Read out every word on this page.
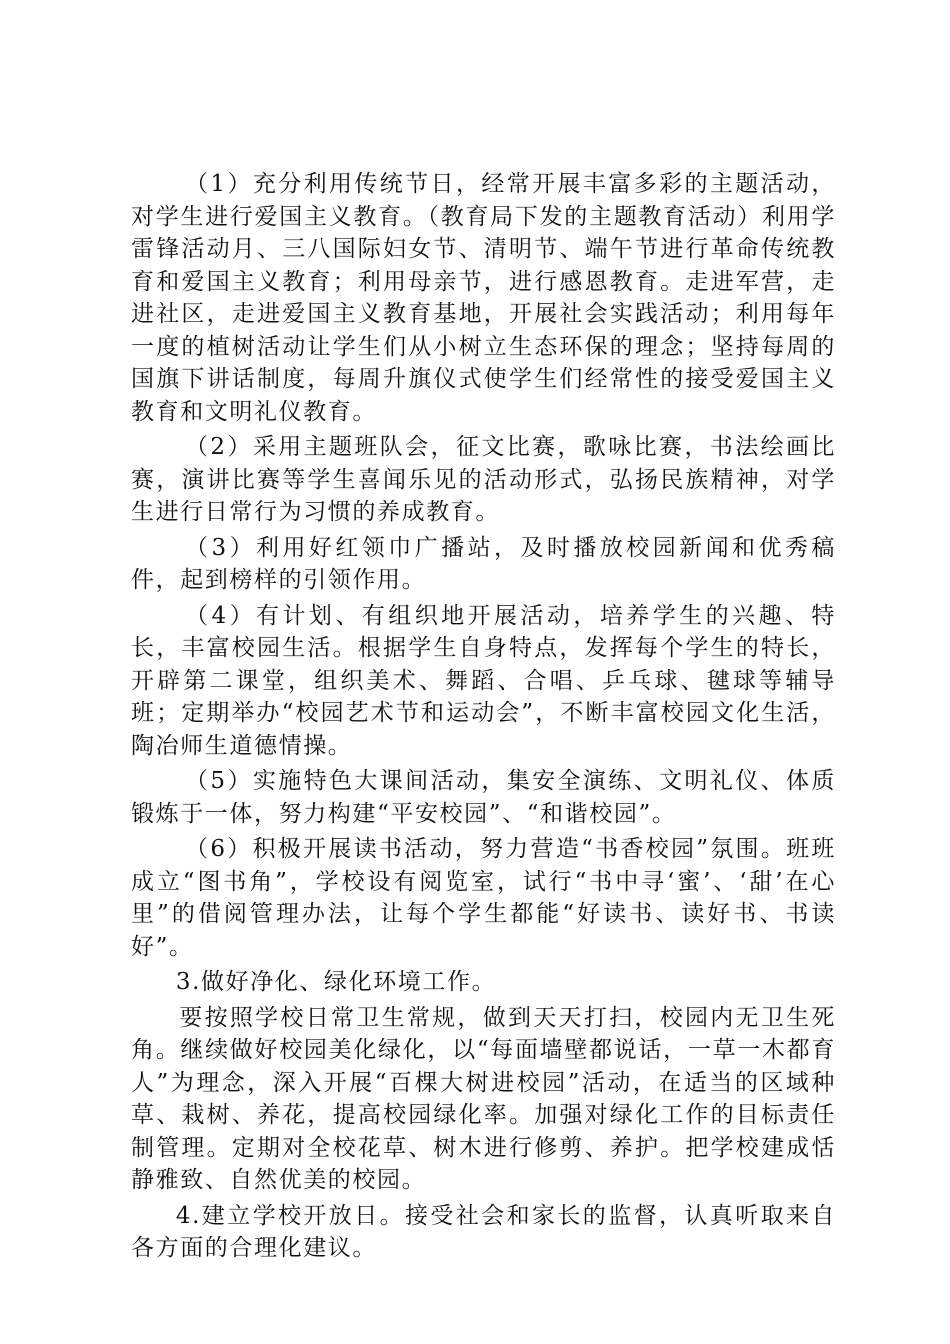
（1）充分利用传统节日，经常开展丰富多彩的主题活动，对学生进行爱国主义教育。（教育局下发的主题教育活动）利用学雷锋活动月、三八国际妇女节、清明节、端午节进行革命传统教育和爱国主义教育；利用母亲节，进行感恩教育。走进军营，走进社区，走进爱国主义教育基地，开展社会实践活动；利用每年一度的植树活动让学生们从小树立生态环保的理念；坚持每周的国旗下讲话制度，每周升旗仪式使学生们经常性的接受爱国主义教育和文明礼仪教育。

（2）采用主题班队会，征文比赛，歌咏比赛，书法绘画比赛，演讲比赛等学生喜闻乐见的活动形式，弘扬民族精神，对学生进行日常行为习惯的养成教育。

（3）利用好红领巾广播站，及时播放校园新闻和优秀稿件，起到榜样的引领作用。

（4）有计划、有组织地开展活动，培养学生的兴趣、特长，丰富校园生活。根据学生自身特点，发挥每个学生的特长，开辟第二课堂，组织美术、舞蹈、合唱、乒乓球、毽球等辅导班；定期举办“校园艺术节和运动会”，不断丰富校园文化生活，陶冶师生道德情操。

（5）实施特色大课间活动，集安全演练、文明礼仪、体质锻炼于一体，努力构建“平安校园”、“和谐校园”。

（6）积极开展读书活动，努力营造“书香校园”氛围。班班成立“图书角”，学校设有阅览室，试行“书中寻‘蜜’、‘甜’在心里”的借阅管理办法，让每个学生都能“好读书、读好书、书读好”。

3.做好净化、绿化环境工作。

要按照学校日常卫生常规，做到天天打扫，校园内无卫生死角。继续做好校园美化绿化，以“每面墙壁都说话，一草一木都育人”为理念，深入开展“百棵大树进校园”活动，在适当的区域种草、栽树、养花，提高校园绿化率。加强对绿化工作的目标责任制管理。定期对全校花草、树木进行修剪、养护。把学校建成恬静雅致、自然优美的校园。

4.建立学校开放日。接受社会和家长的监督，认真听取来自各方面的合理化建议。
